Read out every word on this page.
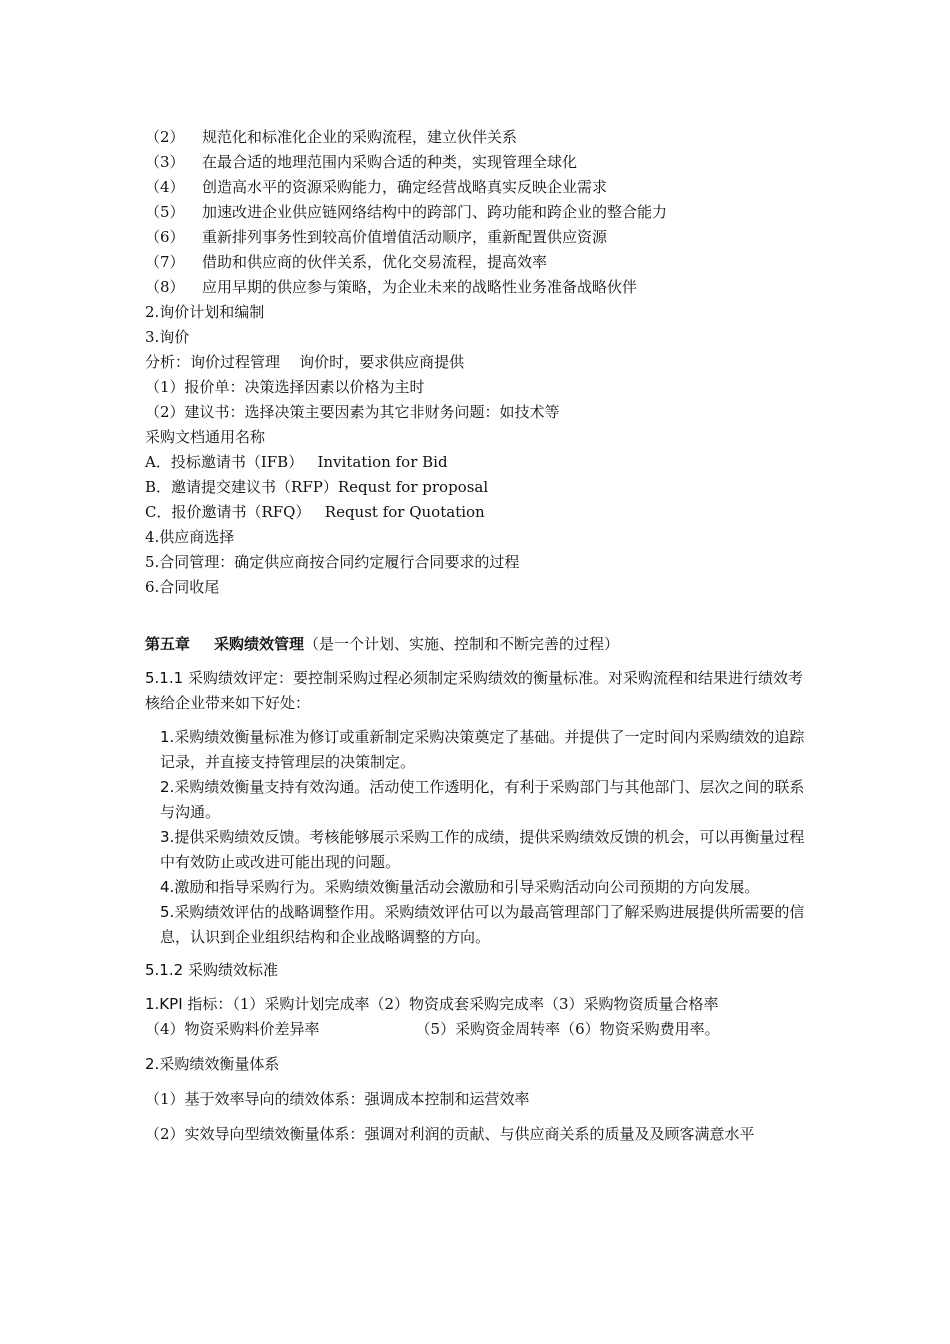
（2） 规范化和标准化企业的采购流程，建立伙伴关系
（3） 在最合适的地理范围内采购合适的种类，实现管理全球化
（4） 创造高水平的资源采购能力，确定经营战略真实反映企业需求
（5） 加速改进企业供应链网络结构中的跨部门、跨功能和跨企业的整合能力
（6） 重新排列事务性到较高价值增值活动顺序，重新配置供应资源
（7） 借助和供应商的伙伴关系，优化交易流程，提高效率
（8） 应用早期的供应参与策略，为企业未来的战略性业务准备战略伙伴
2.询价计划和编制
3.询价
分析：询价过程管理    询价时，要求供应商提供
（1）报价单：决策选择因素以价格为主时
（2）建议书：选择决策主要因素为其它非财务问题：如技术等
采购文档通用名称
A．投标邀请书（IFB）   Invitation for Bid
B．邀请提交建议书（RFP）Requst for proposal
C．报价邀请书（RFQ）   Requst for Quotation
4.供应商选择
5.合同管理：确定供应商按合同约定履行合同要求的过程
6.合同收尾
第五章 采购绩效管理（是一个计划、实施、控制和不断完善的过程）
5.1.1 采购绩效评定：要控制采购过程必须制定采购绩效的衡量标准。对采购流程和结果进行绩效考核给企业带来如下好处：
1.采购绩效衡量标准为修订或重新制定采购决策奠定了基础。并提供了一定时间内采购绩效的追踪记录，并直接支持管理层的决策制定。
2.采购绩效衡量支持有效沟通。活动使工作透明化，有利于采购部门与其他部门、层次之间的联系与沟通。
3.提供采购绩效反馈。考核能够展示采购工作的成绩，提供采购绩效反馈的机会，可以再衡量过程中有效防止或改进可能出现的问题。
4.激励和指导采购行为。采购绩效衡量活动会激励和引导采购活动向公司预期的方向发展。
5.采购绩效评估的战略调整作用。采购绩效评估可以为最高管理部门了解采购进展提供所需要的信息，认识到企业组织结构和企业战略调整的方向。
5.1.2 采购绩效标准
1.KPI 指标：（1）采购计划完成率（2）物资成套采购完成率（3）采购物资质量合格率
（4）物资采购料价差异率	（5）采购资金周转率（6）物资采购费用率。
2.采购绩效衡量体系
（1）基于效率导向的绩效体系：强调成本控制和运营效率
（2）实效导向型绩效衡量体系：强调对利润的贡献、与供应商关系的质量及及顾客满意水平
